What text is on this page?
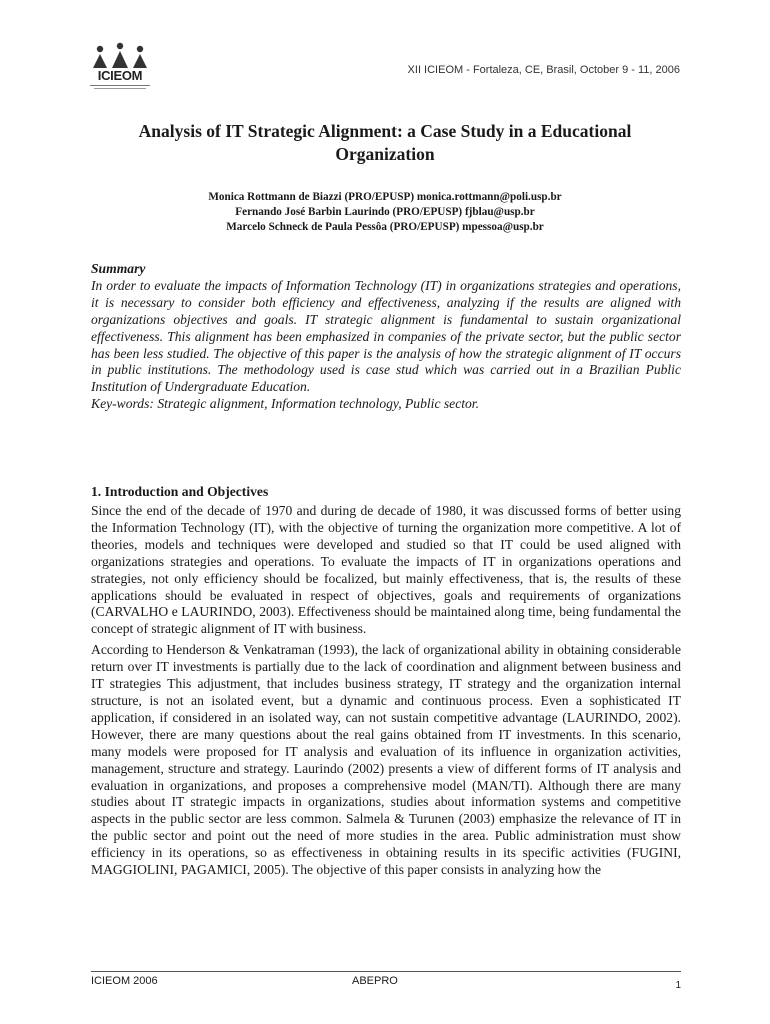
ICIEOM	XII ICIEOM - Fortaleza, CE, Brasil, October 9 - 11, 2006
Analysis of IT Strategic Alignment: a Case Study in a Educational
Organization
Monica Rottmann de Biazzi (PRO/EPUSP) monica.rottmann@poli.usp.br
Fernando José Barbin Laurindo (PRO/EPUSP) fjblau@usp.br
Marcelo Schneck de Paula Pessôa (PRO/EPUSP) mpessoa@usp.br
Summary
In order to evaluate the impacts of Information Technology (IT) in organizations strategies and operations, it is necessary to consider both efficiency and effectiveness, analyzing if the results are aligned with organizations objectives and goals. IT strategic alignment is fundamental to sustain organizational effectiveness. This alignment has been emphasized in companies of the private sector, but the public sector has been less studied. The objective of this paper is the analysis of how the strategic alignment of IT occurs in public institutions. The methodology used is case stud which was carried out in a Brazilian Public Institution of Undergraduate Education.
Key-words: Strategic alignment, Information technology, Public sector.
1. Introduction and Objectives

Since the end of the decade of 1970 and during de decade of 1980, it was discussed forms of better using the Information Technology (IT), with the objective of turning the organization more competitive. A lot of theories, models and techniques were developed and studied so that IT could be used aligned with organizations strategies and operations. To evaluate the impacts of IT in organizations operations and strategies, not only efficiency should be focalized, but mainly effectiveness, that is, the results of these applications should be evaluated in respect of objectives, goals and requirements of organizations (CARVALHO e LAURINDO, 2003). Effectiveness should be maintained along time, being fundamental the concept of strategic alignment of IT with business.

According to Henderson & Venkatraman (1993), the lack of organizational ability in obtaining considerable return over IT investments is partially due to the lack of coordination and alignment between business and IT strategies This adjustment, that includes business strategy, IT strategy and the organization internal structure, is not an isolated event, but a dynamic and continuous process. Even a sophisticated IT application, if considered in an isolated way, can not sustain competitive advantage (LAURINDO, 2002). However, there are many questions about the real gains obtained from IT investments. In this scenario, many models were proposed for IT analysis and evaluation of its influence in organization activities, management, structure and strategy. Laurindo (2002) presents a view of different forms of IT analysis and evaluation in organizations, and proposes a comprehensive model (MAN/TI). Although there are many studies about IT strategic impacts in organizations, studies about information systems and competitive aspects in the public sector are less common. Salmela & Turunen (2003) emphasize the relevance of IT in the public sector and point out the need of more studies in the area. Public administration must show efficiency in its operations, so as effectiveness in obtaining results in its specific activities (FUGINI, MAGGIOLINI, PAGAMICI, 2005). The objective of this paper consists in analyzing how the

ICIEOM 2006	ABEPRO	1
